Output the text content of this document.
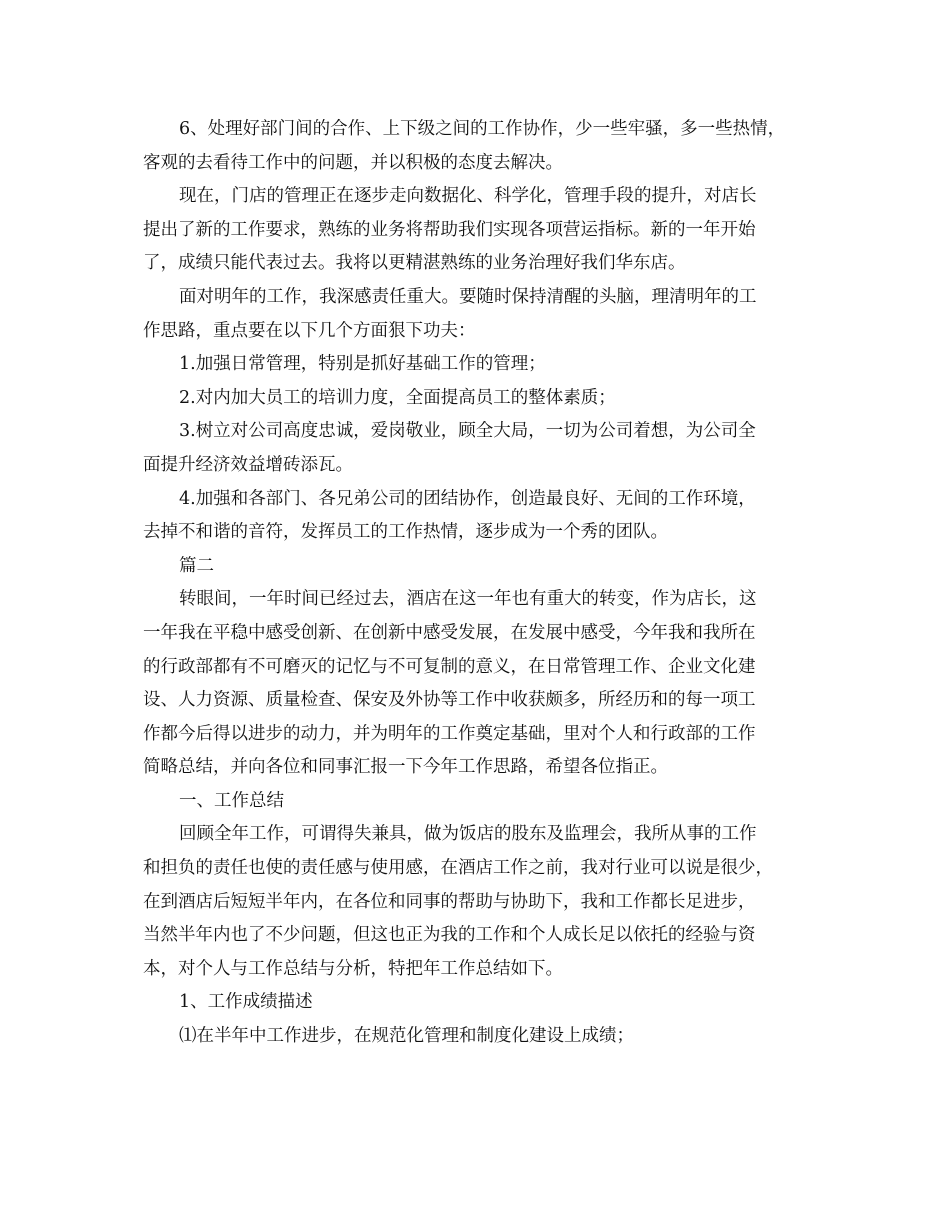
6、处理好部门间的合作、上下级之间的工作协作，少一些牢骚，多一些热情，
客观的去看待工作中的问题，并以积极的态度去解决。
现在，门店的管理正在逐步走向数据化、科学化，管理手段的提升，对店长
提出了新的工作要求，熟练的业务将帮助我们实现各项营运指标。新的一年开始
了，成绩只能代表过去。我将以更精湛熟练的业务治理好我们华东店。
面对明年的工作，我深感责任重大。要随时保持清醒的头脑，理清明年的工
作思路，重点要在以下几个方面狠下功夫：
1.加强日常管理，特别是抓好基础工作的管理；
2.对内加大员工的培训力度，全面提高员工的整体素质；
3.树立对公司高度忠诚，爱岗敬业，顾全大局，一切为公司着想，为公司全
面提升经济效益增砖添瓦。
4.加强和各部门、各兄弟公司的团结协作，创造最良好、无间的工作环境，
去掉不和谐的音符，发挥员工的工作热情，逐步成为一个秀的团队。
篇二
转眼间，一年时间已经过去，酒店在这一年也有重大的转变，作为店长，这
一年我在平稳中感受创新、在创新中感受发展，在发展中感受，今年我和我所在
的行政部都有不可磨灭的记忆与不可复制的意义，在日常管理工作、企业文化建
设、人力资源、质量检查、保安及外协等工作中收获颇多，所经历和的每一项工
作都今后得以进步的动力，并为明年的工作奠定基础，里对个人和行政部的工作
简略总结，并向各位和同事汇报一下今年工作思路，希望各位指正。
一、工作总结
回顾全年工作，可谓得失兼具，做为饭店的股东及监理会，我所从事的工作
和担负的责任也使的责任感与使用感，在酒店工作之前，我对行业可以说是很少，
在到酒店后短短半年内，在各位和同事的帮助与协助下，我和工作都长足进步，
当然半年内也了不少问题，但这也正为我的工作和个人成长足以依托的经验与资
本，对个人与工作总结与分析，特把年工作总结如下。
1、工作成绩描述
⑴在半年中工作进步，在规范化管理和制度化建设上成绩；
